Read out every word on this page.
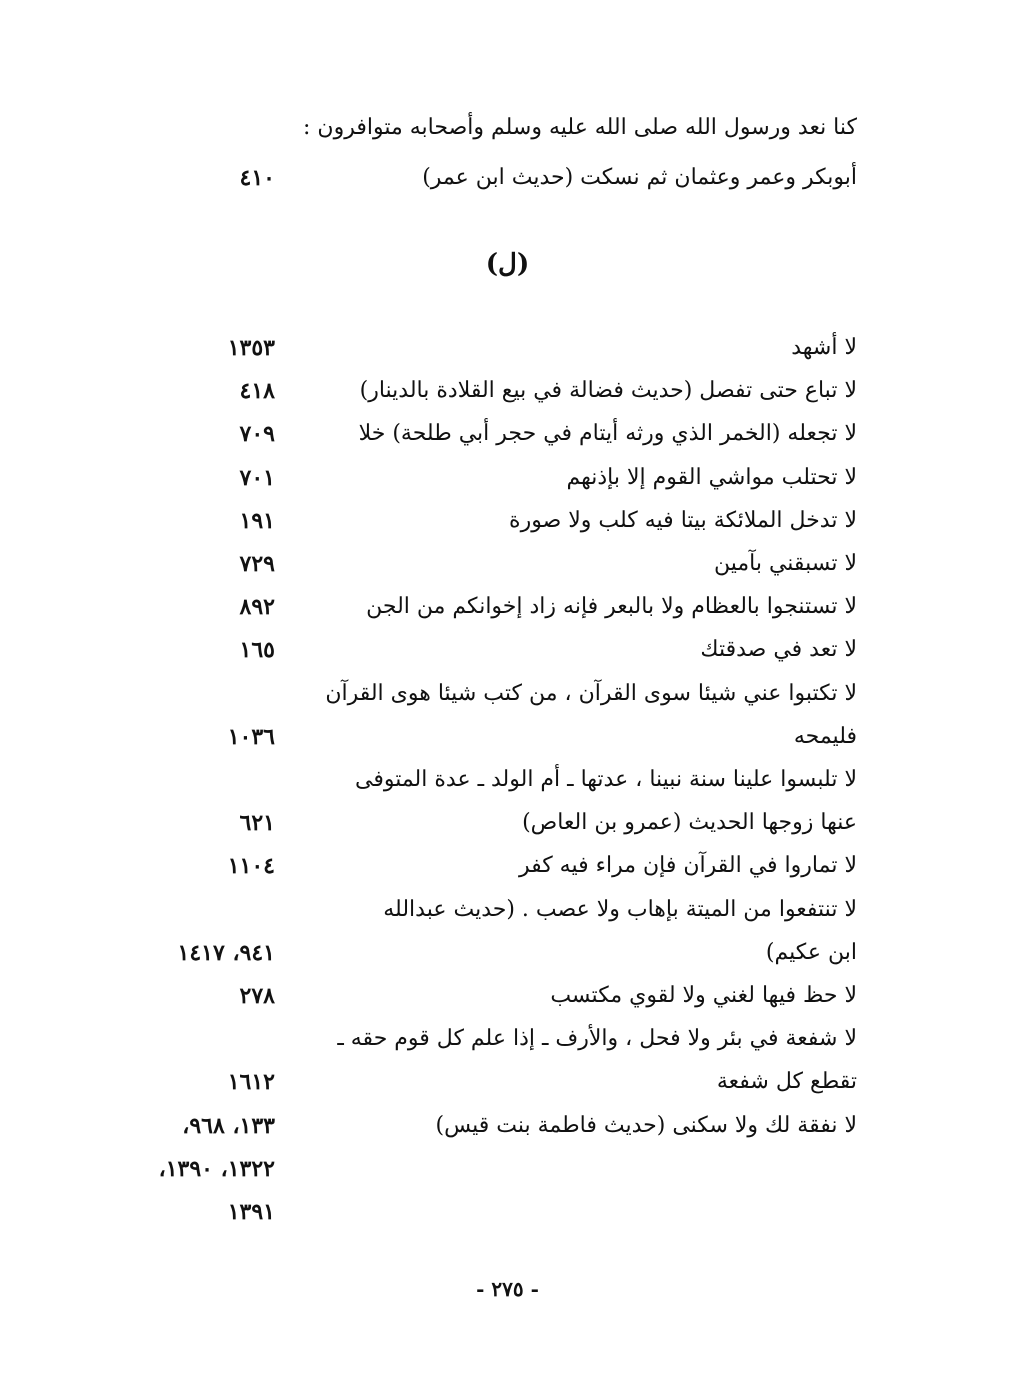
كنا نعد ورسول الله صلى الله عليه وسلم وأصحابه متوافرون :
أبوبكر وعمر وعثمان ثم نسكت (حديث ابن عمر)
٤١٠
(ل)
لا أشهد
١٣٥٣
لا تباع حتى تفصل (حديث فضالة في بيع القلادة بالدينار)
٤١٨
لا تجعله (الخمر الذي ورثه أيتام في حجر أبي طلحة) خلا
٧٠٩
لا تحتلب مواشي القوم إلا بإذنهم
٧٠١
لا تدخل الملائكة بيتا فيه كلب ولا صورة
١٩١
لا تسبقني بآمين
٧٢٩
لا تستنجوا بالعظام ولا بالبعر فإنه زاد إخوانكم من الجن
٨٩٢
لا تعد في صدقتك
١٦٥
لا تكتبوا عني شيئا سوى القرآن ، من كتب شيئا هوى القرآن
فليمحه
١٠٣٦
لا تلبسوا علينا سنة نبينا ، عدتها ـ أم الولد ـ عدة المتوفى
عنها زوجها الحديث (عمرو بن العاص)
٦٢١
لا تماروا في القرآن فإن مراء فيه كفر
١١٠٤
لا تنتفعوا من الميتة بإهاب ولا عصب . (حديث عبدالله
ابن عكيم)
٩٤١، ١٤١٧
لا حظ فيها لغني ولا لقوي مكتسب
٢٧٨
لا شفعة في بئر ولا فحل ، والأرف ـ إذا علم كل قوم حقه ـ
تقطع كل شفعة
١٦١٢
لا نفقة لك ولا سكنى (حديث فاطمة بنت قيس)
١٣٣، ٩٦٨،
١٣٢٢، ١٣٩٠،
١٣٩١
- ٢٧٥ -
